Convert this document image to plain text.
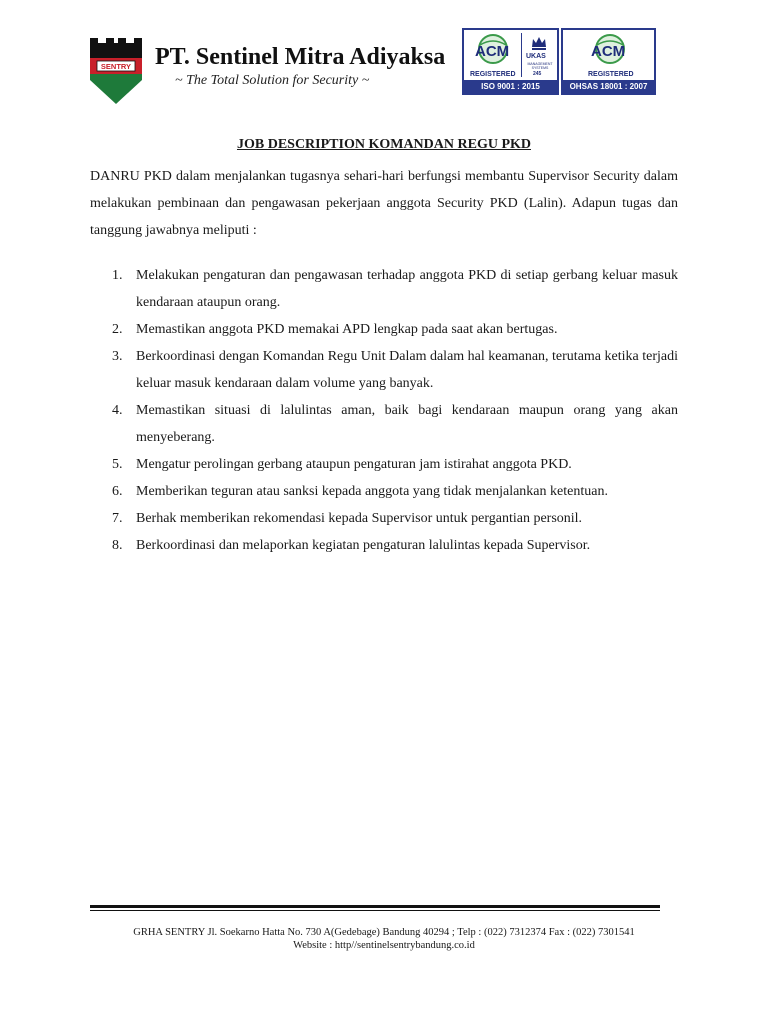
SENTRY PT. Sentinel Mitra Adiyaksa
~ The Total Solution for Security ~
ACM
REGISTERED
UKAS
MANAGEMENT SYSTEMS
245
ISO 9001 : 2015
ACM
REGISTERED
OHSAS 18001 : 2007
JOB DESCRIPTION KOMANDAN REGU PKD

DANRU PKD dalam menjalankan tugasnya sehari-hari berfungsi membantu Supervisor Security dalam melakukan pembinaan dan pengawasan pekerjaan anggota Security PKD (Lalin). Adapun tugas dan tanggung jawabnya meliputi :

1. Melakukan pengaturan dan pengawasan terhadap anggota PKD di setiap gerbang keluar masuk kendaraan ataupun orang.
2. Memastikan anggota PKD memakai APD lengkap pada saat akan bertugas.
3. Berkoordinasi dengan Komandan Regu Unit Dalam dalam hal keamanan, terutama ketika terjadi keluar masuk kendaraan dalam volume yang banyak.
4. Memastikan situasi di lalulintas aman, baik bagi kendaraan maupun orang yang akan menyeberang.
5. Mengatur perolingan gerbang ataupun pengaturan jam istirahat anggota PKD.
6. Memberikan teguran atau sanksi kepada anggota yang tidak menjalankan ketentuan.
7. Berhak memberikan rekomendasi kepada Supervisor untuk pergantian personil.
8. Berkoordinasi dan melaporkan kegiatan pengaturan lalulintas kepada Supervisor.
GRHA SENTRY Jl. Soekarno Hatta No. 730 A(Gedebage) Bandung 40294 ; Telp : (022) 7312374 Fax : (022) 7301541
Website : http//sentinelsentrybandung.co.id
